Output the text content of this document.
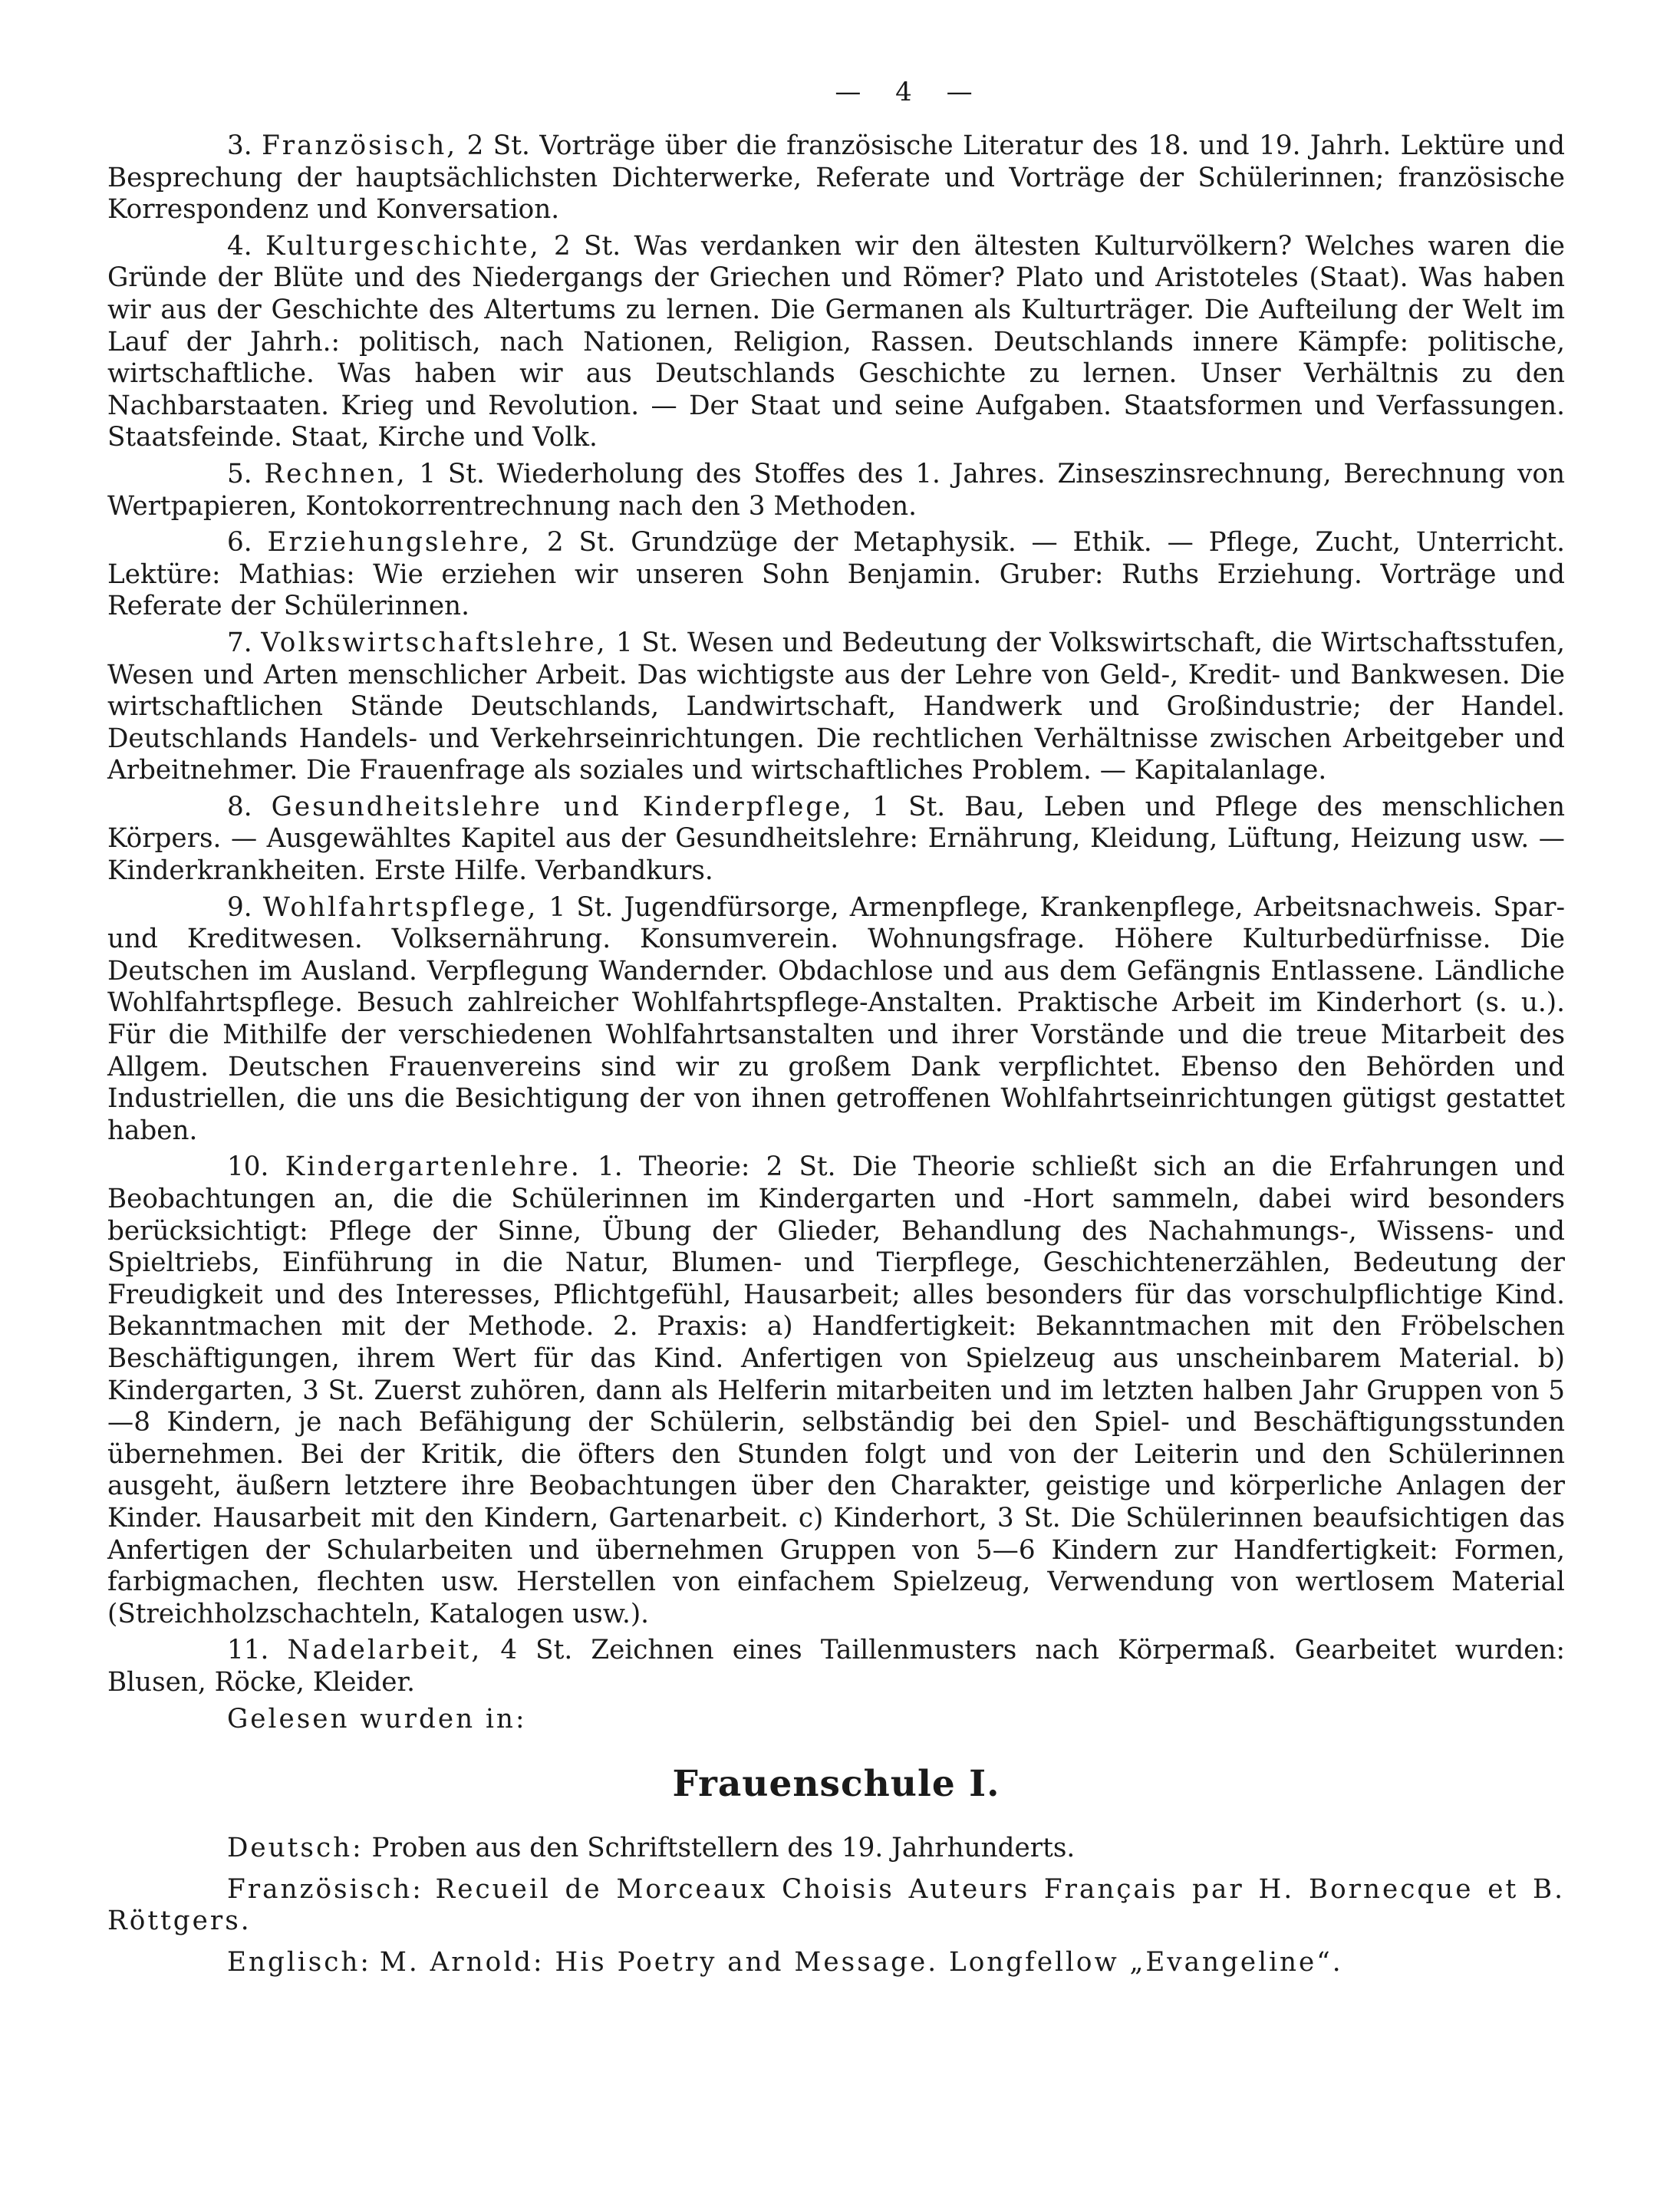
— 4 —

3. Französisch, 2 St. Vorträge über die französische Literatur des 18. und 19. Jahrh. Lektüre und Besprechung der hauptsächlichsten Dichterwerke, Referate und Vorträge der Schülerinnen; französische Korrespondenz und Konversation.

4. Kulturgeschichte, 2 St. Was verdanken wir den ältesten Kulturvölkern? Welches waren die Gründe der Blüte und des Niedergangs der Griechen und Römer? Plato und Aristoteles (Staat). Was haben wir aus der Geschichte des Altertums zu lernen. Die Germanen als Kulturträger. Die Aufteilung der Welt im Lauf der Jahrh.: politisch, nach Nationen, Religion, Rassen. Deutschlands innere Kämpfe: politische, wirtschaftliche. Was haben wir aus Deutschlands Geschichte zu lernen. Unser Verhältnis zu den Nachbarstaaten. Krieg und Revolution. — Der Staat und seine Aufgaben. Staatsformen und Verfassungen. Staatsfeinde. Staat, Kirche und Volk.

5. Rechnen, 1 St. Wiederholung des Stoffes des 1. Jahres. Zinseszinsrechnung, Berechnung von Wertpapieren, Kontokorrentrechnung nach den 3 Methoden.

6. Erziehungslehre, 2 St. Grundzüge der Metaphysik. — Ethik. — Pflege, Zucht, Unterricht. Lektüre: Mathias: Wie erziehen wir unseren Sohn Benjamin. Gruber: Ruths Erziehung. Vorträge und Referate der Schülerinnen.

7. Volkswirtschaftslehre, 1 St. Wesen und Bedeutung der Volkswirtschaft, die Wirtschaftsstufen, Wesen und Arten menschlicher Arbeit. Das wichtigste aus der Lehre von Geld-, Kredit- und Bankwesen. Die wirtschaftlichen Stände Deutschlands, Landwirtschaft, Handwerk und Großindustrie; der Handel. Deutschlands Handels- und Verkehrseinrichtungen. Die rechtlichen Verhältnisse zwischen Arbeitgeber und Arbeitnehmer. Die Frauenfrage als soziales und wirtschaftliches Problem. — Kapitalanlage.

8. Gesundheitslehre und Kinderpflege, 1 St. Bau, Leben und Pflege des menschlichen Körpers. — Ausgewähltes Kapitel aus der Gesundheitslehre: Ernährung, Kleidung, Lüftung, Heizung usw. — Kinderkrankheiten. Erste Hilfe. Verbandkurs.

9. Wohlfahrtspflege, 1 St. Jugendfürsorge, Armenpflege, Krankenpflege, Arbeitsnachweis. Spar- und Kreditwesen. Volksernährung. Konsumverein. Wohnungsfrage. Höhere Kulturbedürfnisse. Die Deutschen im Ausland. Verpflegung Wandernder. Obdachlose und aus dem Gefängnis Entlassene. Ländliche Wohlfahrtspflege. Besuch zahlreicher Wohlfahrtspflege-Anstalten. Praktische Arbeit im Kinderhort (s. u.). Für die Mithilfe der verschiedenen Wohlfahrtsanstalten und ihrer Vorstände und die treue Mitarbeit des Allgem. Deutschen Frauenvereins sind wir zu großem Dank verpflichtet. Ebenso den Behörden und Industriellen, die uns die Besichtigung der von ihnen getroffenen Wohlfahrtseinrichtungen gütigst gestattet haben.

10. Kindergartenlehre. 1. Theorie: 2 St. Die Theorie schließt sich an die Erfahrungen und Beobachtungen an, die die Schülerinnen im Kindergarten und -Hort sammeln, dabei wird besonders berücksichtigt: Pflege der Sinne, Übung der Glieder, Behandlung des Nachahmungs-, Wissens- und Spieltriebs, Einführung in die Natur, Blumen- und Tierpflege, Geschichtenerzählen, Bedeutung der Freudigkeit und des Interesses, Pflichtgefühl, Hausarbeit; alles besonders für das vorschulpflichtige Kind. Bekanntmachen mit der Methode. 2. Praxis: a) Handfertigkeit: Bekanntmachen mit den Fröbelschen Beschäftigungen, ihrem Wert für das Kind. Anfertigen von Spielzeug aus unscheinbarem Material. b) Kindergarten, 3 St. Zuerst zuhören, dann als Helferin mitarbeiten und im letzten halben Jahr Gruppen von 5—8 Kindern, je nach Befähigung der Schülerin, selbständig bei den Spiel- und Beschäftigungsstunden übernehmen. Bei der Kritik, die öfters den Stunden folgt und von der Leiterin und den Schülerinnen ausgeht, äußern letztere ihre Beobachtungen über den Charakter, geistige und körperliche Anlagen der Kinder. Hausarbeit mit den Kindern, Gartenarbeit. c) Kinderhort, 3 St. Die Schülerinnen beaufsichtigen das Anfertigen der Schularbeiten und übernehmen Gruppen von 5—6 Kindern zur Handfertigkeit: Formen, farbigmachen, flechten usw. Herstellen von einfachem Spielzeug, Verwendung von wertlosem Material (Streichholzschachteln, Katalogen usw.).

11. Nadelarbeit, 4 St. Zeichnen eines Taillenmusters nach Körpermaß. Gearbeitet wurden: Blusen, Röcke, Kleider.

Gelesen wurden in:

Frauenschule I.

Deutsch: Proben aus den Schriftstellern des 19. Jahrhunderts.

Französisch: Recueil de Morceaux Choisis Auteurs Français par H. Bornecque et B. Röttgers.

Englisch: M. Arnold: His Poetry and Message. Longfellow „Evangeline“.
